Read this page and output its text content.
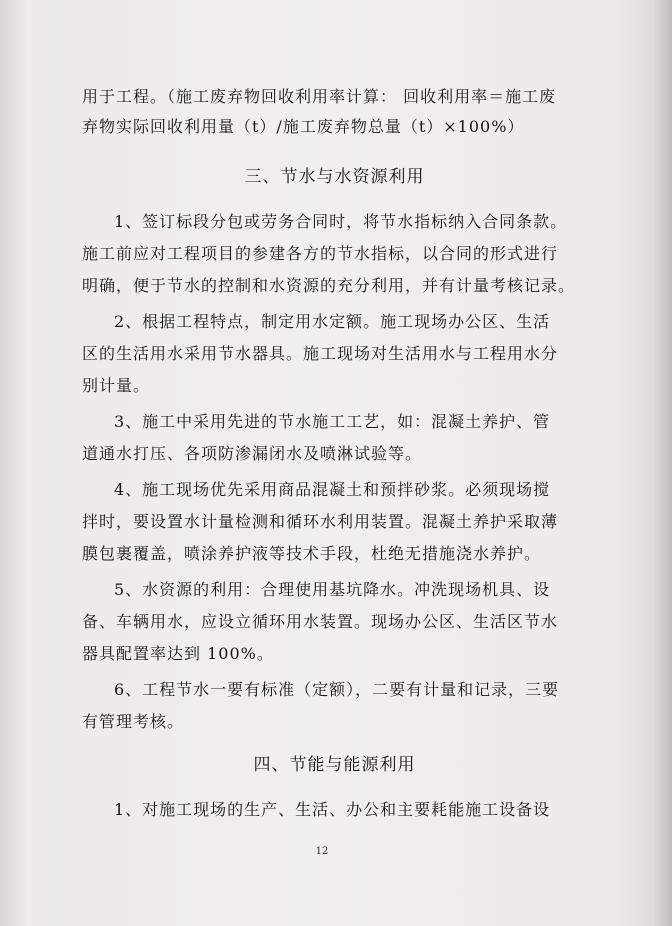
用于工程。（施工废弃物回收利用率计算： 回收利用率＝施工废
弃物实际回收利用量（t）/施工废弃物总量（t）×100%）
三、节水与水资源利用
1、签订标段分包或劳务合同时，将节水指标纳入合同条款。
施工前应对工程项目的参建各方的节水指标，以合同的形式进行
明确，便于节水的控制和水资源的充分利用，并有计量考核记录。
2、根据工程特点，制定用水定额。施工现场办公区、生活
区的生活用水采用节水器具。施工现场对生活用水与工程用水分
别计量。
3、施工中采用先进的节水施工工艺，如：混凝土养护、管
道通水打压、各项防渗漏闭水及喷淋试验等。
4、施工现场优先采用商品混凝土和预拌砂浆。必须现场搅
拌时，要设置水计量检测和循环水利用装置。混凝土养护采取薄
膜包裹覆盖，喷涂养护液等技术手段，杜绝无措施浇水养护。
5、水资源的利用：合理使用基坑降水。冲洗现场机具、设
备、车辆用水，应设立循环用水装置。现场办公区、生活区节水
器具配置率达到 100%。
6、工程节水一要有标准（定额），二要有计量和记录，三要
有管理考核。
四、节能与能源利用
1、对施工现场的生产、生活、办公和主要耗能施工设备设
12
